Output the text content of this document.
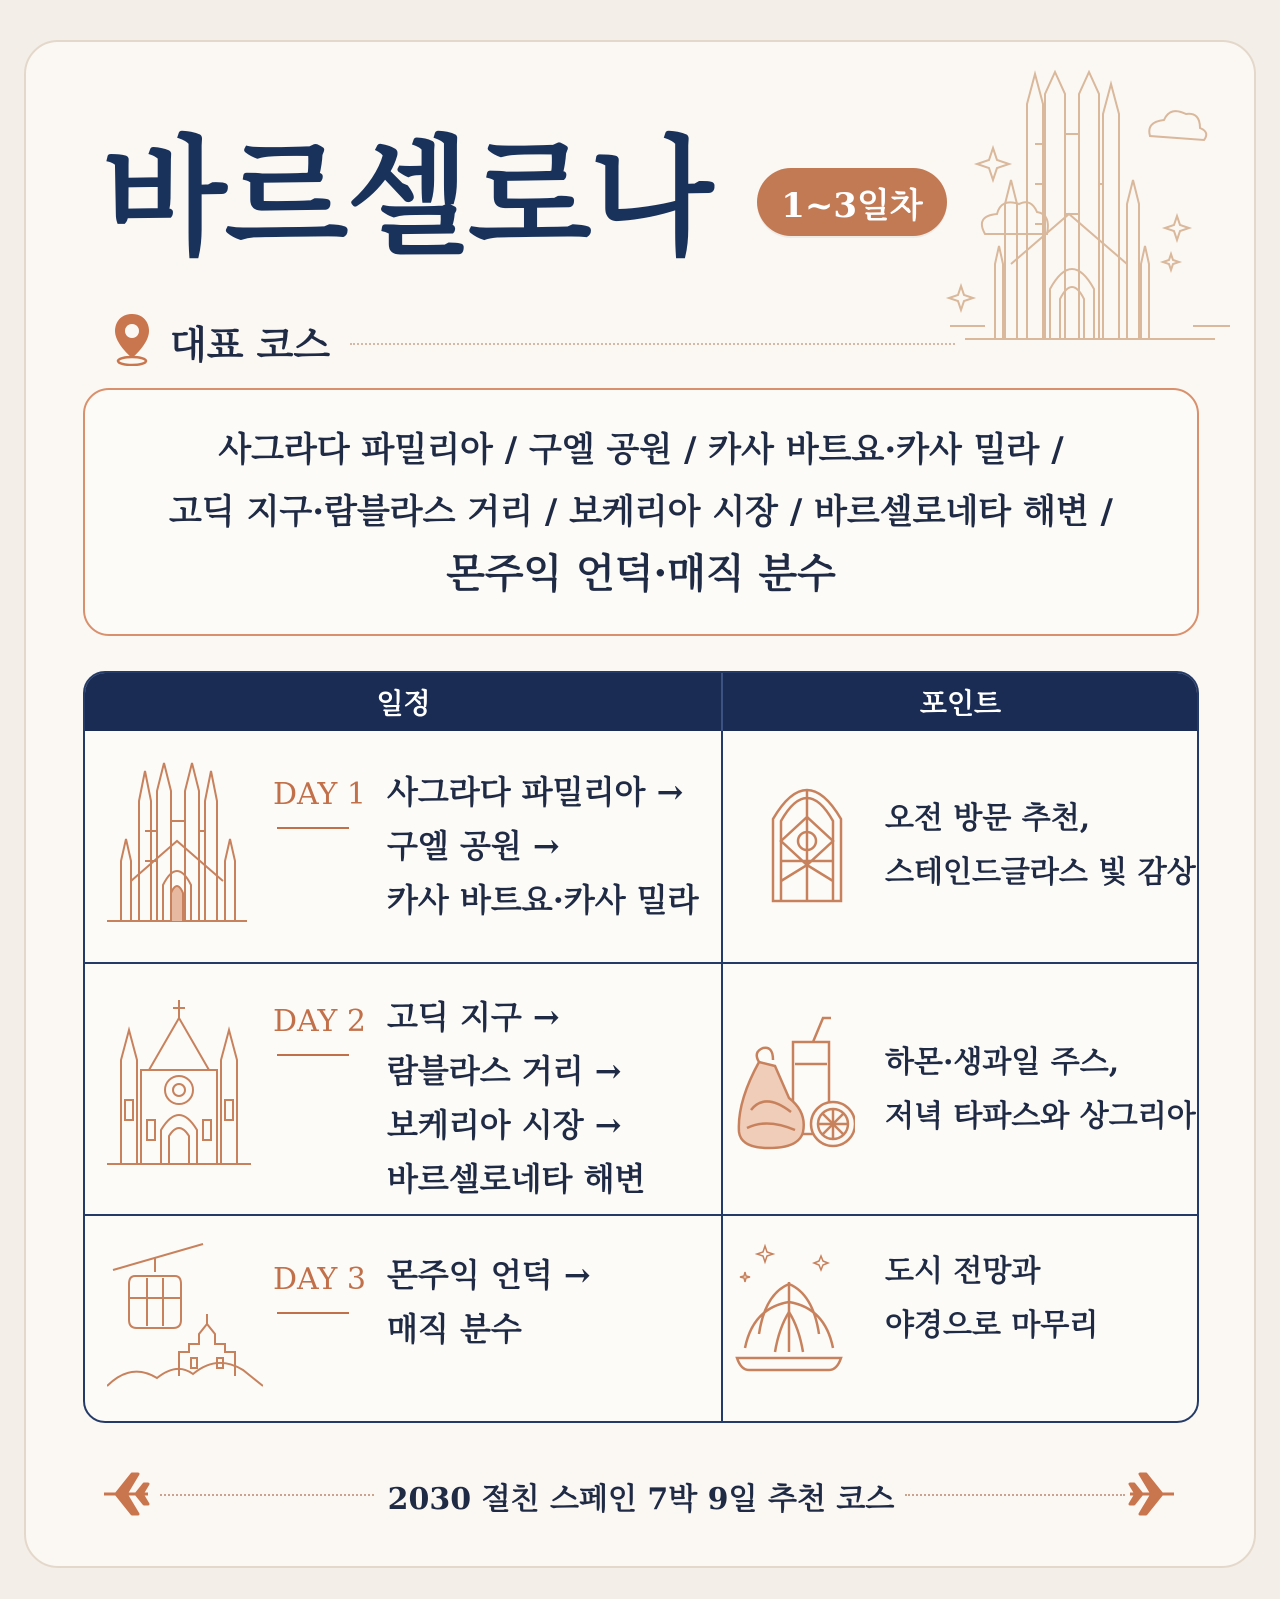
바르셀로나	1~3일차
대표 코스
사그라다 파밀리아 / 구엘 공원 / 카사 바트요·카사 밀라 /
고딕 지구·람블라스 거리 / 보케리아 시장 / 바르셀로네타 해변 /
몬주익 언덕·매직 분수
일정	포인트
DAY 1 사그라다 파밀리아 →
구엘 공원 →
카사 바트요·카사 밀라
오전 방문 추천,
스테인드글라스 빛 감상
DAY 2 고딕 지구 →
람블라스 거리 →
보케리아 시장 →
바르셀로네타 해변
하몬·생과일 주스,
저녁 타파스와 상그리아
DAY 3 몬주익 언덕 →
매직 분수
도시 전망과
야경으로 마무리
2030 절친 스페인 7박 9일 추천 코스
